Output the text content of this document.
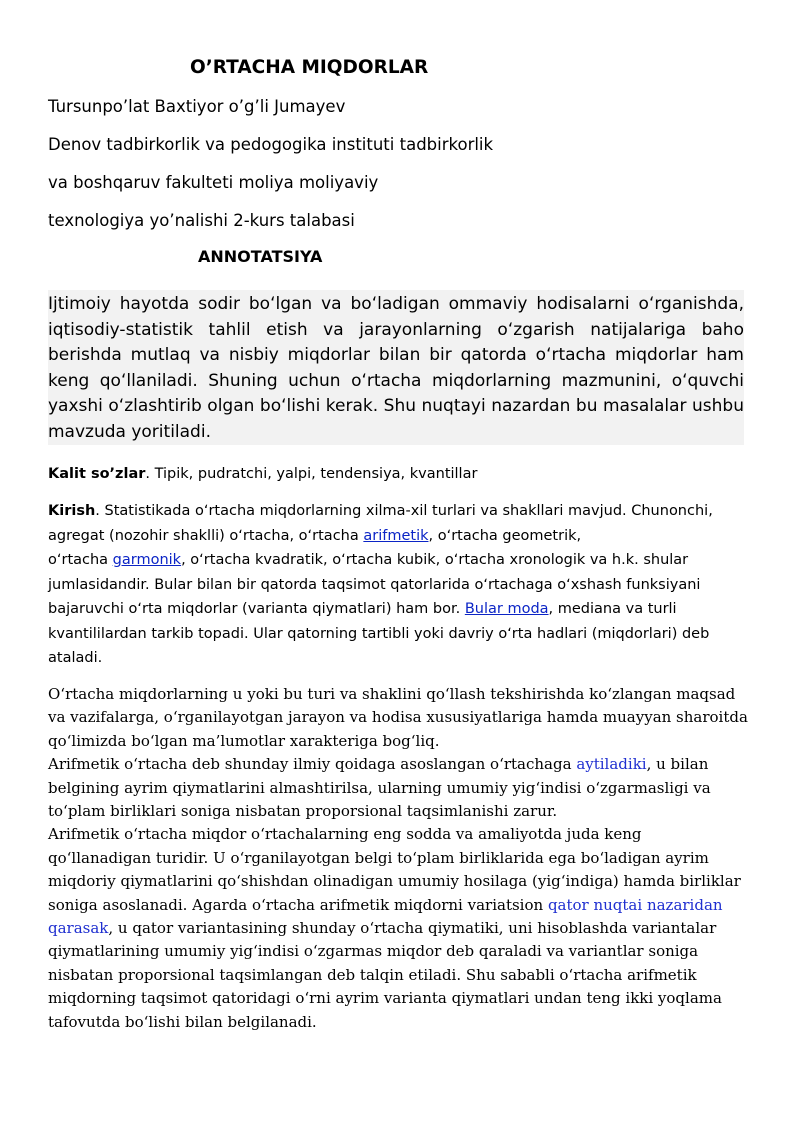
O’RTACHA MIQDORLAR
Tursunpo’lat Baxtiyor o’g’li Jumayev
Denov tadbirkorlik va pedogogika instituti tadbirkorlik
va boshqaruv fakulteti moliya moliyaviy
texnologiya yo’nalishi 2-kurs talabasi
ANNOTATSIYA
Ijtimoiy hayotda sodir boʻlgan va boʻladigan ommaviy hodisalarni oʻrganishda, iqtisodiy-statistik tahlil etish va jarayonlarning oʻzgarish natijalariga baho berishda mutlaq va nisbiy miqdorlar bilan bir qatorda oʻrtacha miqdorlar ham keng qoʻllaniladi. Shuning uchun oʻrtacha miqdorlarning mazmunini, oʻquvchi yaxshi oʻzlashtirib olgan boʻlishi kerak. Shu nuqtayi nazardan bu masalalar ushbu mavzuda yoritiladi.
Kalit so’zlar. Tipik, pudratchi, yalpi, tendensiya, kvantillar
Kirish. Statistikada oʻrtacha miqdorlarning xilma-xil turlari va shakllari mavjud. Chunonchi,
agregat (nozohir shaklli) oʻrtacha, oʻrtacha arifmetik, oʻrtacha geometrik,
oʻrtacha garmonik, oʻrtacha kvadratik, oʻrtacha kubik, oʻrtacha xronologik va h.k. shular
jumlasidandir. Bular bilan bir qatorda taqsimot qatorlarida oʻrtachaga oʻxshash funksiyani
bajaruvchi oʻrta miqdorlar (varianta qiymatlari) ham bor. Bular moda, mediana va turli
kvantililardan tarkib topadi. Ular qatorning tartibli yoki davriy oʻrta hadlari (miqdorlari) deb
ataladi.
Oʻrtacha miqdorlarning u yoki bu turi va shaklini qoʻllash tekshirishda koʻzlangan maqsad
va vazifalarga, oʻrganilayotgan jarayon va hodisa xususiyatlariga hamda muayyan sharoitda
qoʻlimizda boʻlgan ma’lumotlar xarakteriga bogʻliq.
Arifmetik oʻrtacha deb shunday ilmiy qoidaga asoslangan oʻrtachaga aytiladiki, u bilan
belgining ayrim qiymatlarini almashtirilsa, ularning umumiy yigʻindisi oʻzgarmasligi va
toʻplam birliklari soniga nisbatan proporsional taqsimlanishi zarur.
Arifmetik oʻrtacha miqdor oʻrtachalarning eng sodda va amaliyotda juda keng
qoʻllanadigan turidir. U oʻrganilayotgan belgi toʻplam birliklarida ega boʻladigan ayrim
miqdoriy qiymatlarini qoʻshishdan olinadigan umumiy hosilaga (yigʻindiga) hamda birliklar
soniga asoslanadi. Agarda oʻrtacha arifmetik miqdorni variatsion qator nuqtai nazaridan
qarasak, u qator variantasining shunday oʻrtacha qiymatiki, uni hisoblashda variantalar
qiymatlarining umumiy yigʻindisi oʻzgarmas miqdor deb qaraladi va variantlar soniga
nisbatan proporsional taqsimlangan deb talqin etiladi. Shu sababli oʻrtacha arifmetik
miqdorning taqsimot qatoridagi oʻrni ayrim varianta qiymatlari undan teng ikki yoqlama
tafovutda boʻlishi bilan belgilanadi.
